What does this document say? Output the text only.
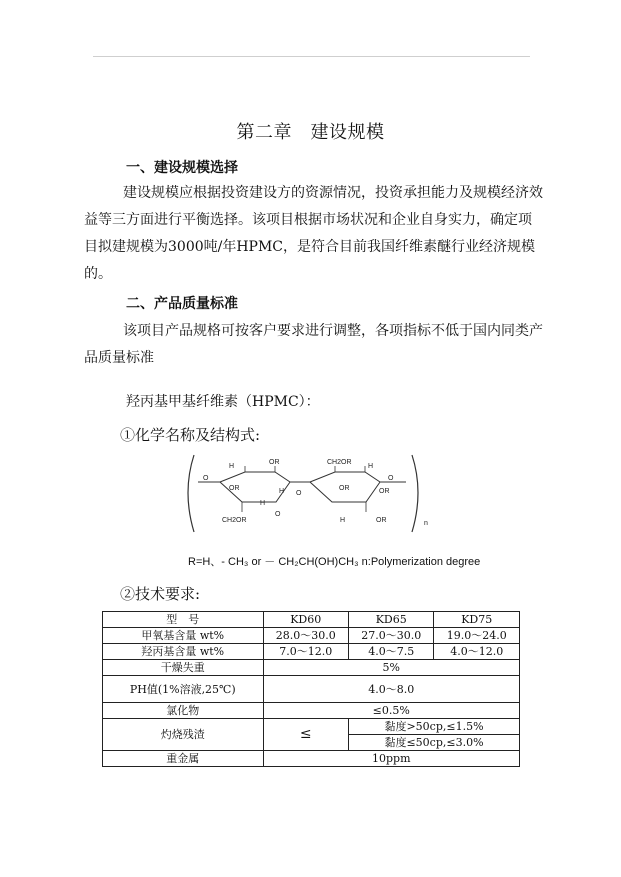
第二章　建设规模
一、建设规模选择
建设规模应根据投资建设方的资源情况，投资承担能力及规模经济效益等三方面进行平衡选择。该项目根据市场状况和企业自身实力，确定项目拟建规模为3000吨/年HPMC，是符合目前我国纤维素醚行业经济规模的。
二、产品质量标准
该项目产品规格可按客户要求进行调整，各项指标不低于国内同类产品质量标准
羟丙基甲基纤维素（HPMC）：
①化学名称及结构式:
O
H
OR
OR	H
H
CH2OR
O
O
CH2OR
OR
H
OR
H	OR
O
n
R=H、- CH₃ or － CH₂CH(OH)CH₃ n:Polymerization degree
②技术要求:
型　号	KD60	KD65	KD75
甲氧基含量 wt%	28.0～30.0	27.0～30.0	19.0～24.0
羟丙基含量 wt%	7.0～12.0	4.0～7.5	4.0～12.0
干燥失重	5%		
PH值(1%溶液,25℃)	4.0～8.0		
氯化物	≤0.5%		
灼烧残渣	≤	黏度>50cp,≤1.5%	
		黏度≤50cp,≤3.0%	
重金属	10ppm		
